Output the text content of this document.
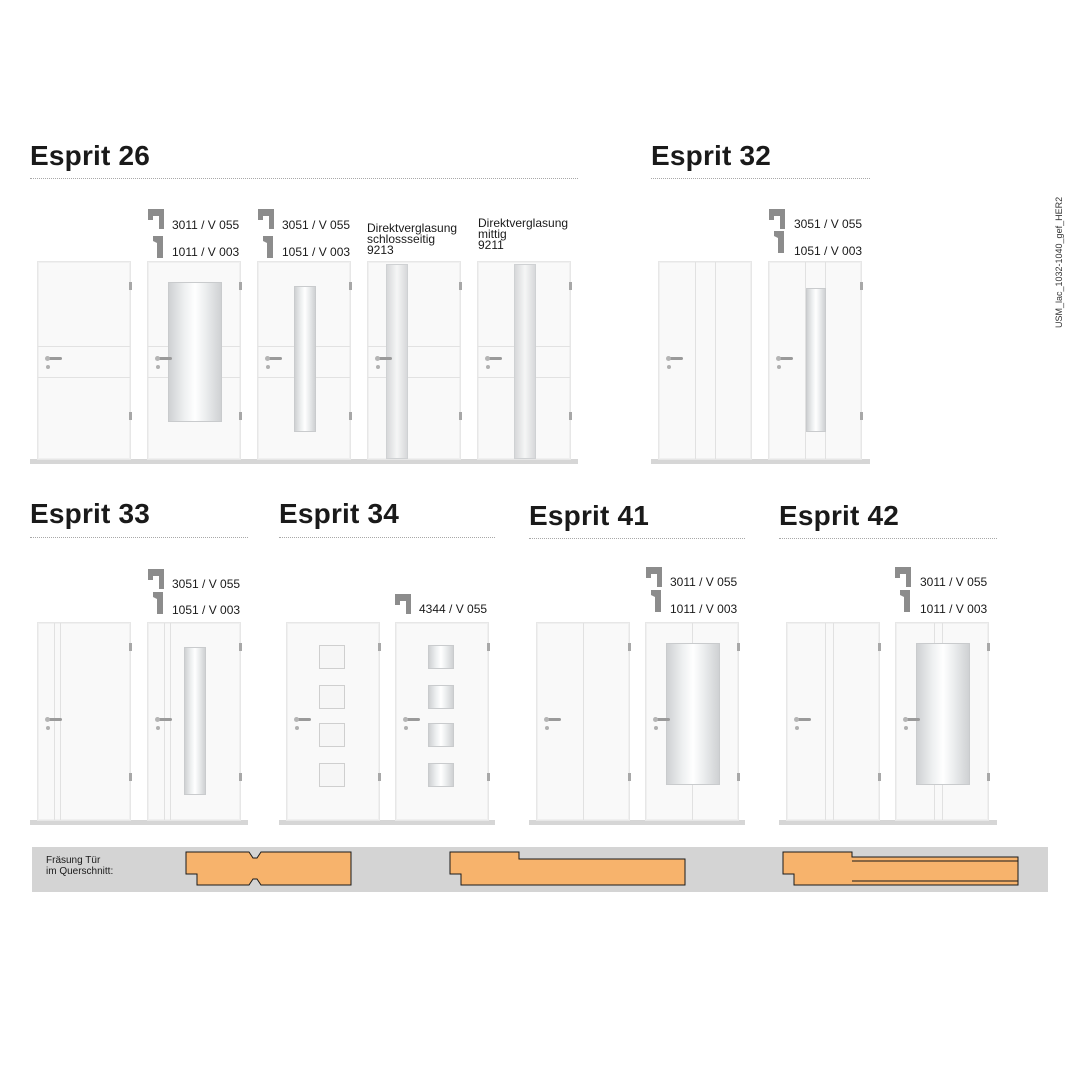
USM_lac_1032-1040_gef_HER2
Esprit 26	Esprit 32
Esprit 33	Esprit 34	Esprit 41	Esprit 42
3011 / V 055
1011 / V 003
3051 / V 055
1051 / V 003
Direktverglasung
schlossseitig
9213
Direktverglasung
mittig
9211
3051 / V 055
1051 / V 003
3051 / V 055
1051 / V 003	4344 / V 055
3011 / V 055
1011 / V 003
3011 / V 055
1011 / V 003
Fräsung Tür
im Querschnitt:
